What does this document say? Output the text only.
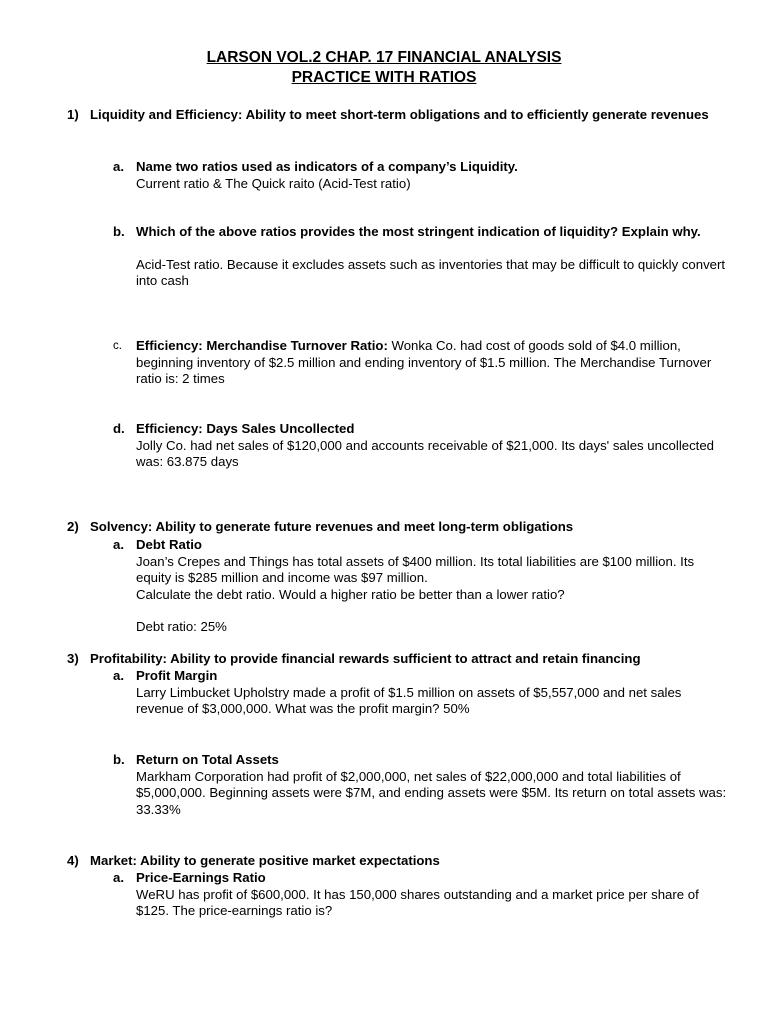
LARSON VOL.2 CHAP. 17 FINANCIAL ANALYSIS
PRACTICE WITH RATIOS
1) Liquidity and Efficiency: Ability to meet short-term obligations and to efficiently generate revenues
a. Name two ratios used as indicators of a company’s Liquidity.
Current ratio & The Quick raito (Acid-Test ratio)
b. Which of the above ratios provides the most stringent indication of liquidity? Explain why.
Acid-Test ratio. Because it excludes assets such as inventories that may be difficult to quickly convert into cash
c. Efficiency: Merchandise Turnover Ratio: Wonka Co. had cost of goods sold of $4.0 million, beginning inventory of $2.5 million and ending inventory of $1.5 million. The Merchandise Turnover ratio is: 2 times
d. Efficiency: Days Sales Uncollected
Jolly Co. had net sales of $120,000 and accounts receivable of $21,000. Its days' sales uncollected was: 63.875 days
2) Solvency: Ability to generate future revenues and meet long-term obligations
a. Debt Ratio
Joan’s Crepes and Things has total assets of $400 million. Its total liabilities are $100 million. Its equity is $285 million and income was $97 million.
Calculate the debt ratio. Would a higher ratio be better than a lower ratio?
Debt ratio: 25%
3) Profitability: Ability to provide financial rewards sufficient to attract and retain financing
a. Profit Margin
Larry Limbucket Upholstry made a profit of $1.5 million on assets of $5,557,000 and net sales revenue of $3,000,000. What was the profit margin? 50%
b. Return on Total Assets
Markham Corporation had profit of $2,000,000, net sales of $22,000,000 and total liabilities of $5,000,000. Beginning assets were $7M, and ending assets were $5M. Its return on total assets was: 33.33%
4) Market: Ability to generate positive market expectations
a. Price-Earnings Ratio
WeRU has profit of $600,000. It has 150,000 shares outstanding and a market price per share of $125. The price-earnings ratio is?
